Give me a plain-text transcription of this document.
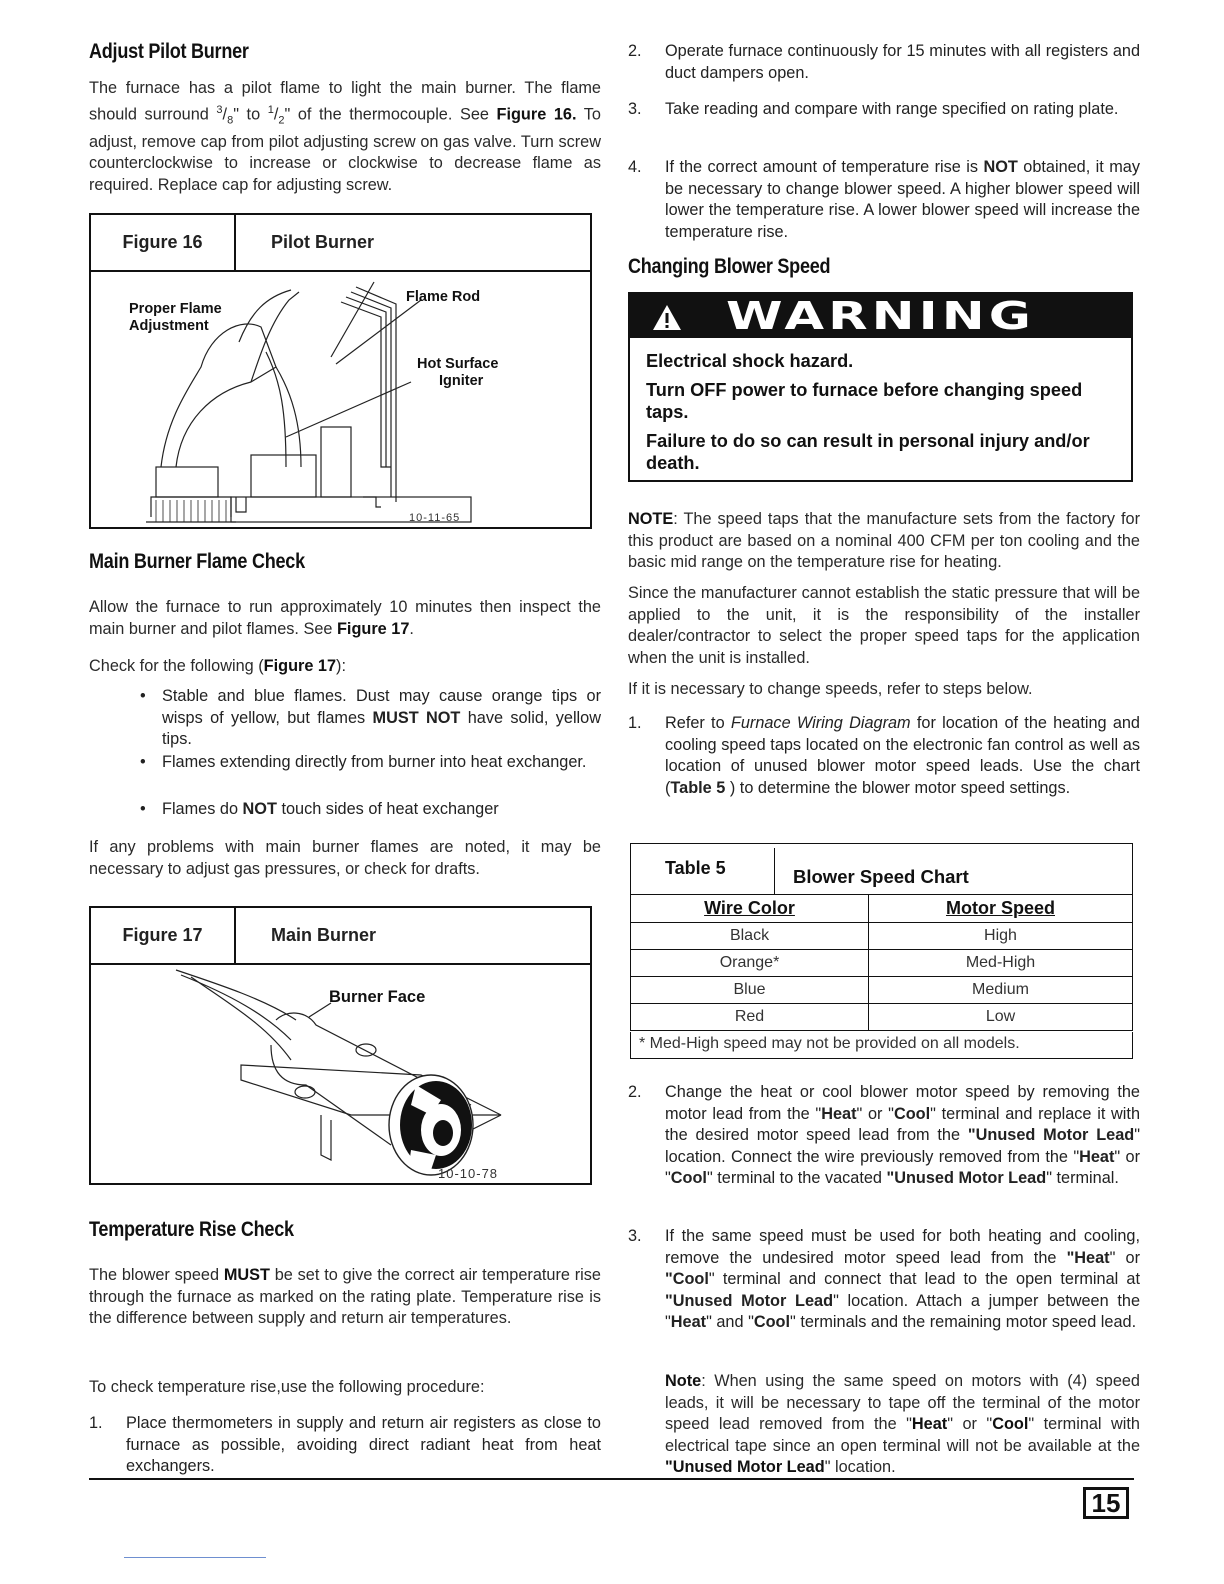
Adjust Pilot Burner
The furnace has a pilot flame to light the main burner. The flame should surround $^3/_8$" to $^1/_2$" of the thermocouple. See Figure 16. To adjust, remove cap from pilot adjusting screw on gas valve. Turn screw counterclockwise to increase or clockwise to decrease flame as required. Replace cap for adjusting screw.
Figure 16	Pilot Burner
Proper Flame
Adjustment
Flame Rod
Hot Surface
Igniter
10-11-65
Main Burner Flame Check
Allow the furnace to run approximately 10 minutes then inspect the main burner and pilot flames. See Figure 17.
Check for the following (Figure 17):
• Stable and blue flames. Dust may cause orange tips or wisps of yellow, but flames MUST NOT have solid, yellow tips.
• Flames extending directly from burner into heat exchanger.
• Flames do NOT touch sides of heat exchanger
If any problems with main burner flames are noted, it may be necessary to adjust gas pressures, or check for drafts.
Figure 17	Main Burner
Burner Face
10-10-78
Temperature Rise Check
The blower speed MUST be set to give the correct air temperature rise through the furnace as marked on the rating plate. Temperature rise is the difference between supply and return air temperatures.
To check temperature rise,use the following procedure:
1. Place thermometers in supply and return air registers as close to furnace as possible, avoiding direct radiant heat from heat exchangers.
2. Operate furnace continuously for 15 minutes with all registers and duct dampers open.
3. Take reading and compare with range specified on rating plate.
4. If the correct amount of temperature rise is NOT obtained, it may be necessary to change blower speed. A higher blower speed will lower the temperature rise. A lower blower speed will increase the temperature rise.
Changing Blower Speed
WARNING
Electrical shock hazard.
Turn OFF power to furnace before changing speed taps.
Failure to do so can result in personal injury and/or death.
NOTE: The speed taps that the manufacture sets from the factory for this product are based on a nominal 400 CFM per ton cooling and the basic mid range on the temperature rise for heating.
Since the manufacturer cannot establish the static pressure that will be applied to the unit, it is the responsibility of the installer dealer/contractor to select the proper speed taps for the application when the unit is installed.
If it is necessary to change speeds, refer to steps below.
1. Refer to Furnace Wiring Diagram for location of the heating and cooling speed taps located on the electronic fan control as well as location of unused blower motor speed leads. Use the chart (Table 5 ) to determine the blower motor speed settings.
Table 5	Blower Speed Chart
Wire Color	Motor Speed
Black	High
Orange*	Med-High
Blue	Medium
Red	Low
* Med-High speed may not be provided on all models.
2. Change the heat or cool blower motor speed by removing the motor lead from the "Heat" or "Cool" terminal and replace it with the desired motor speed lead from the "Unused Motor Lead" location. Connect the wire previously removed from the "Heat" or "Cool" terminal to the vacated "Unused Motor Lead" terminal.
3. If the same speed must be used for both heating and cooling, remove the undesired motor speed lead from the "Heat" or "Cool" terminal and connect that lead to the open terminal at "Unused Motor Lead" location. Attach a jumper between the "Heat" and "Cool" terminals and the remaining motor speed lead.
Note: When using the same speed on motors with (4) speed leads, it will be necessary to tape off the terminal of the motor speed lead removed from the "Heat" or "Cool" terminal with electrical tape since an open terminal will not be available at the "Unused Motor Lead" location.
15
